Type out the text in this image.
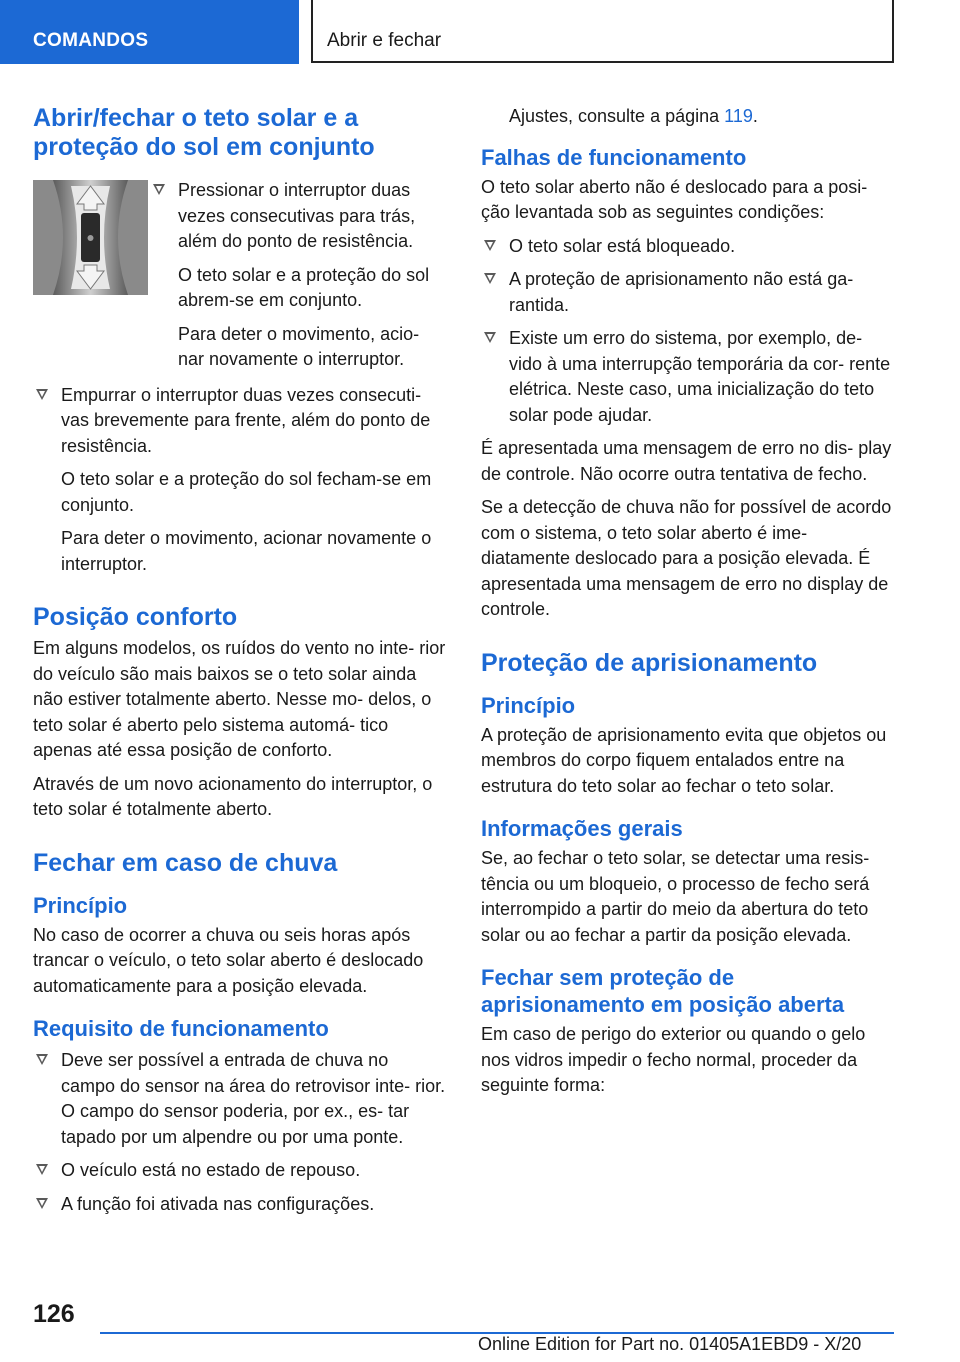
COMANDOS	Abrir e fechar
Abrir/fechar o teto solar e a proteção do sol em conjunto

Pressionar o interruptor duas vezes consecutivas para trás, além do ponto de resistência.

O teto solar e a proteção do sol abrem-se em conjunto.

Para deter o movimento, acio- nar novamente o interruptor.

Empurrar o interruptor duas vezes consecuti- vas brevemente para frente, além do ponto de resistência.

O teto solar e a proteção do sol fecham-se em conjunto.

Para deter o movimento, acionar novamente o interruptor.

Posição conforto

Em alguns modelos, os ruídos do vento no inte- rior do veículo são mais baixos se o teto solar ainda não estiver totalmente aberto. Nesse mo- delos, o teto solar é aberto pelo sistema automá- tico apenas até essa posição de conforto.

Através de um novo acionamento do interruptor, o teto solar é totalmente aberto.

Fechar em caso de chuva
Princípio

No caso de ocorrer a chuva ou seis horas após trancar o veículo, o teto solar aberto é deslocado automaticamente para a posição elevada.

Requisito de funcionamento

Deve ser possível a entrada de chuva no campo do sensor na área do retrovisor inte- rior. O campo do sensor poderia, por ex., es- tar tapado por um alpendre ou por uma ponte.

O veículo está no estado de repouso.

A função foi ativada nas configurações.

Ajustes, consulte a página 119.

Falhas de funcionamento

O teto solar aberto não é deslocado para a posi- ção levantada sob as seguintes condições:

O teto solar está bloqueado.

A proteção de aprisionamento não está ga- rantida.

Existe um erro do sistema, por exemplo, de- vido à uma interrupção temporária da cor- rente elétrica. Neste caso, uma inicialização do teto solar pode ajudar.

É apresentada uma mensagem de erro no dis- play de controle. Não ocorre outra tentativa de fecho.

Se a detecção de chuva não for possível de acordo com o sistema, o teto solar aberto é ime- diatamente deslocado para a posição elevada. É apresentada uma mensagem de erro no display de controle.

Proteção de aprisionamento
Princípio

A proteção de aprisionamento evita que objetos ou membros do corpo fiquem entalados entre na estrutura do teto solar ao fechar o teto solar.

Informações gerais

Se, ao fechar o teto solar, se detectar uma resis- tência ou um bloqueio, o processo de fecho será interrompido a partir do meio da abertura do teto solar ou ao fechar a partir da posição elevada.

Fechar sem proteção de aprisionamento em posição aberta

Em caso de perigo do exterior ou quando o gelo nos vidros impedir o fecho normal, proceder da seguinte forma:

126
Online Edition for Part no. 01405A1EBD9 - X/20
